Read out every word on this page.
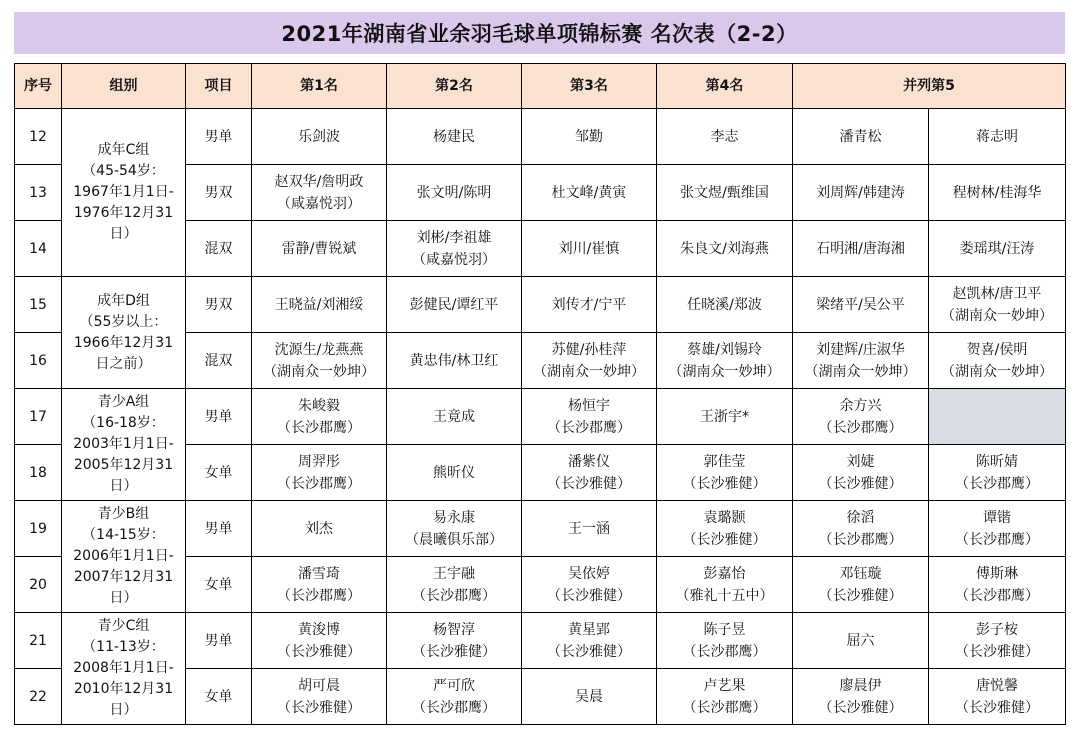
2021年湖南省业余羽毛球单项锦标赛 名次表（2-2）
序号	组别	项目	第1名	第2名	第3名	第4名	并列第5	
12	成年C组
（45-54岁：
1967年1月1日-
1976年12月31
日）	男单	乐剑波	杨建民	邹勤	李志	潘青松	蒋志明

13		男双	赵双华/詹明政
（咸嘉悦羽）	张文明/陈明	杜文峰/黄寅	张文煜/甄维国	刘周辉/韩建涛	程树林/桂海华

14		混双	雷静/曹锐斌	刘彬/李祖雄
（咸嘉悦羽）	刘川/崔慎	朱良文/刘海燕	石明湘/唐海湘	娄瑶琪/汪涛

15	成年D组
（55岁以上：
1966年12月31
日之前）	男双	王晓益/刘湘绥	彭健民/谭红平	刘传才/宁平	任晓溪/郑波	梁绪平/吴公平	赵凯林/唐卫平
（湖南众一妙坤）

16		混双	沈源生/龙燕燕
（湖南众一妙坤）	黄忠伟/林卫红	苏健/孙桂萍
（湖南众一妙坤）	蔡雄/刘锡玲
（湖南众一妙坤）	刘建辉/庄淑华
（湖南众一妙坤）	贺喜/侯明
（湖南众一妙坤）

17	青少A组
（16-18岁：
2003年1月1日-
2005年12月31
日）	男单	朱峻毅
（长沙郡鹰）	王竟成	杨恒宇
（长沙郡鹰）	王浙宇*	余方兴
（长沙郡鹰）	

18		女单	周羿彤
（长沙郡鹰）	熊昕仪	潘紫仪
（长沙雅健）	郭佳莹
（长沙雅健）	刘婕
（长沙雅健）	陈昕婧
（长沙郡鹰）

19	青少B组
（14-15岁：
2006年1月1日-
2007年12月31
日）	男单	刘杰	易永康
（晨曦俱乐部）	王一涵	袁璐颢
（长沙雅健）	徐滔
（长沙郡鹰）	谭锴
（长沙郡鹰）

20		女单	潘雪琦
（长沙郡鹰）	王宇融
（长沙郡鹰）	吴依婷
（长沙雅健）	彭嘉怡
（雅礼十五中）	邓钰璇
（长沙雅健）	傅斯琳
（长沙郡鹰）

21	青少C组
（11-13岁：
2008年1月1日-
2010年12月31
日）	男单	黄浚博
（长沙雅健）	杨智淳
（长沙雅健）	黄星郢
（长沙雅健）	陈子昱
（长沙郡鹰）	屈六	彭子桉
（长沙雅健）

22		女单	胡可晨
（长沙雅健）	严可欣
（长沙郡鹰）	吴晨	卢艺果
（长沙郡鹰）	廖晨伊
（长沙雅健）	唐悦馨
（长沙雅健）
